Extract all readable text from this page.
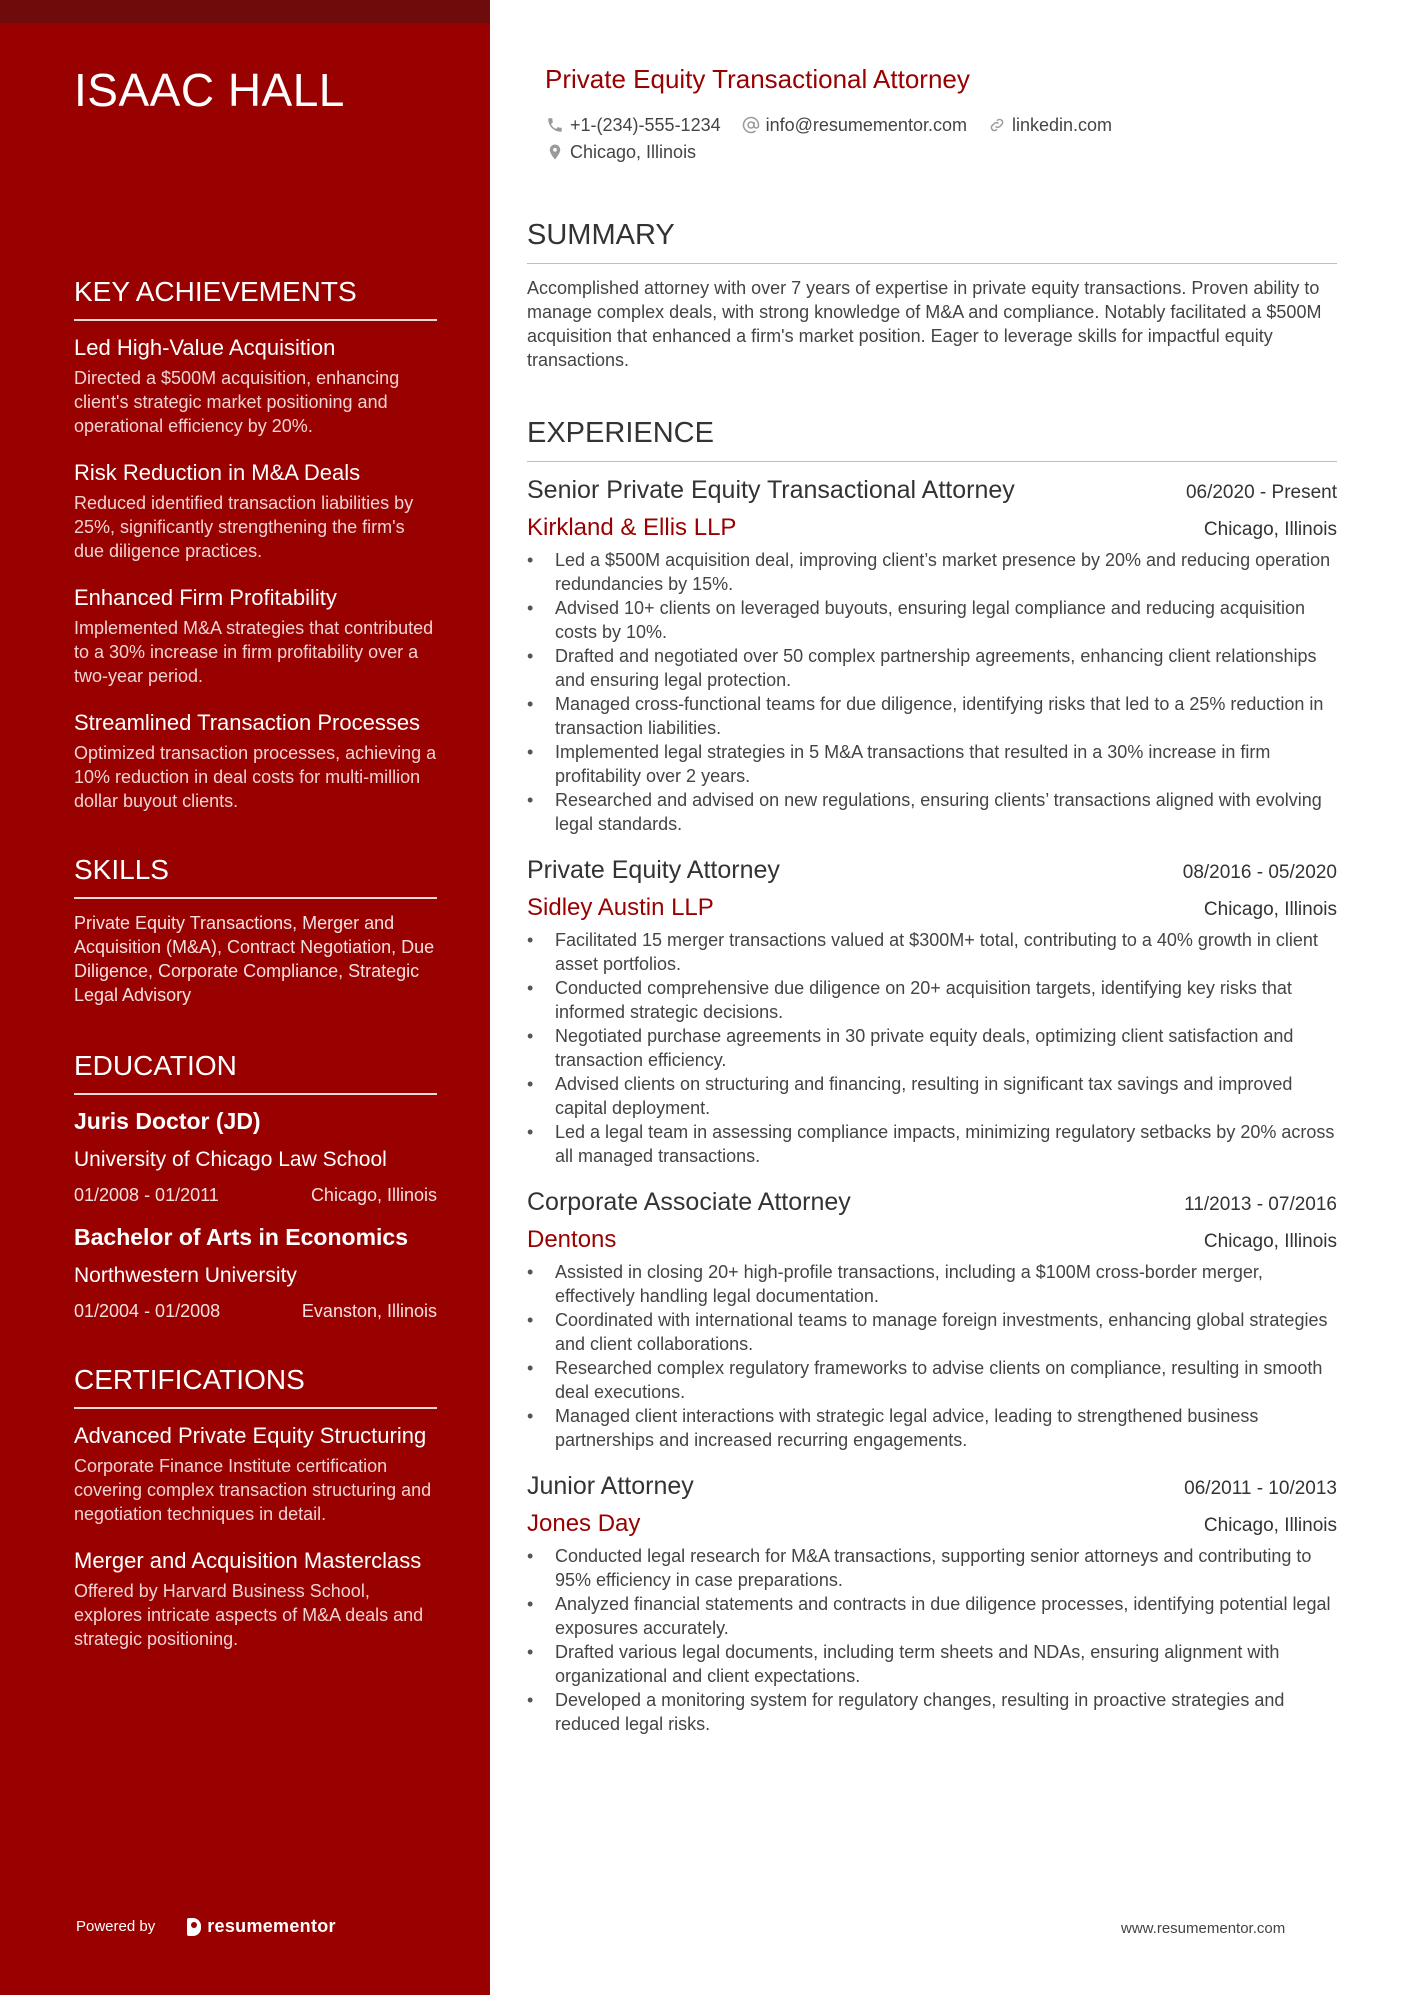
ISAAC HALL
KEY ACHIEVEMENTS

Led High-Value Acquisition

Directed a $500M acquisition, enhancing client's strategic market positioning and operational efficiency by 20%.

Risk Reduction in M&A Deals

Reduced identified transaction liabilities by 25%, significantly strengthening the firm's due diligence practices.

Enhanced Firm Profitability

Implemented M&A strategies that contributed to a 30% increase in firm profitability over a two-year period.

Streamlined Transaction Processes

Optimized transaction processes, achieving a 10% reduction in deal costs for multi-million dollar buyout clients.

SKILLS
Private Equity Transactions, Merger and Acquisition (M&A), Contract Negotiation, Due Diligence, Corporate Compliance, Strategic Legal Advisory
EDUCATION
Juris Doctor (JD)
University of Chicago Law School
01/2008 - 01/2011	Chicago, Illinois
Bachelor of Arts in Economics
Northwestern University
01/2004 - 01/2008	Evanston, Illinois
CERTIFICATIONS

Advanced Private Equity Structuring

Corporate Finance Institute certification covering complex transaction structuring and negotiation techniques in detail.

Merger and Acquisition Masterclass

Offered by Harvard Business School, explores intricate aspects of M&A deals and strategic positioning.

Powered by	resumementor
Private Equity Transactional Attorney
+1-(234)-555-1234	info@resumementor.com	linkedin.com
Chicago, Illinois
SUMMARY
Accomplished attorney with over 7 years of expertise in private equity transactions. Proven ability to manage complex deals, with strong knowledge of M&A and compliance. Notably facilitated a $500M acquisition that enhanced a firm's market position. Eager to leverage skills for impactful equity transactions.
EXPERIENCE
Senior Private Equity Transactional Attorney	06/2020 - Present
Kirkland & Ellis LLP	Chicago, Illinois
• Led a $500M acquisition deal, improving client’s market presence by 20% and reducing operation redundancies by 15%.
• Advised 10+ clients on leveraged buyouts, ensuring legal compliance and reducing acquisition costs by 10%.
• Drafted and negotiated over 50 complex partnership agreements, enhancing client relationships and ensuring legal protection.
• Managed cross-functional teams for due diligence, identifying risks that led to a 25% reduction in transaction liabilities.
• Implemented legal strategies in 5 M&A transactions that resulted in a 30% increase in firm profitability over 2 years.
• Researched and advised on new regulations, ensuring clients’ transactions aligned with evolving legal standards.
Private Equity Attorney	08/2016 - 05/2020
Sidley Austin LLP	Chicago, Illinois
• Facilitated 15 merger transactions valued at $300M+ total, contributing to a 40% growth in client asset portfolios.
• Conducted comprehensive due diligence on 20+ acquisition targets, identifying key risks that informed strategic decisions.
• Negotiated purchase agreements in 30 private equity deals, optimizing client satisfaction and transaction efficiency.
• Advised clients on structuring and financing, resulting in significant tax savings and improved capital deployment.
• Led a legal team in assessing compliance impacts, minimizing regulatory setbacks by 20% across all managed transactions.
Corporate Associate Attorney	11/2013 - 07/2016
Dentons	Chicago, Illinois
• Assisted in closing 20+ high-profile transactions, including a $100M cross-border merger, effectively handling legal documentation.
• Coordinated with international teams to manage foreign investments, enhancing global strategies and client collaborations.
• Researched complex regulatory frameworks to advise clients on compliance, resulting in smooth deal executions.
• Managed client interactions with strategic legal advice, leading to strengthened business partnerships and increased recurring engagements.
Junior Attorney	06/2011 - 10/2013
Jones Day	Chicago, Illinois
• Conducted legal research for M&A transactions, supporting senior attorneys and contributing to 95% efficiency in case preparations.
• Analyzed financial statements and contracts in due diligence processes, identifying potential legal exposures accurately.
• Drafted various legal documents, including term sheets and NDAs, ensuring alignment with organizational and client expectations.
• Developed a monitoring system for regulatory changes, resulting in proactive strategies and reduced legal risks.
www.resumementor.com
